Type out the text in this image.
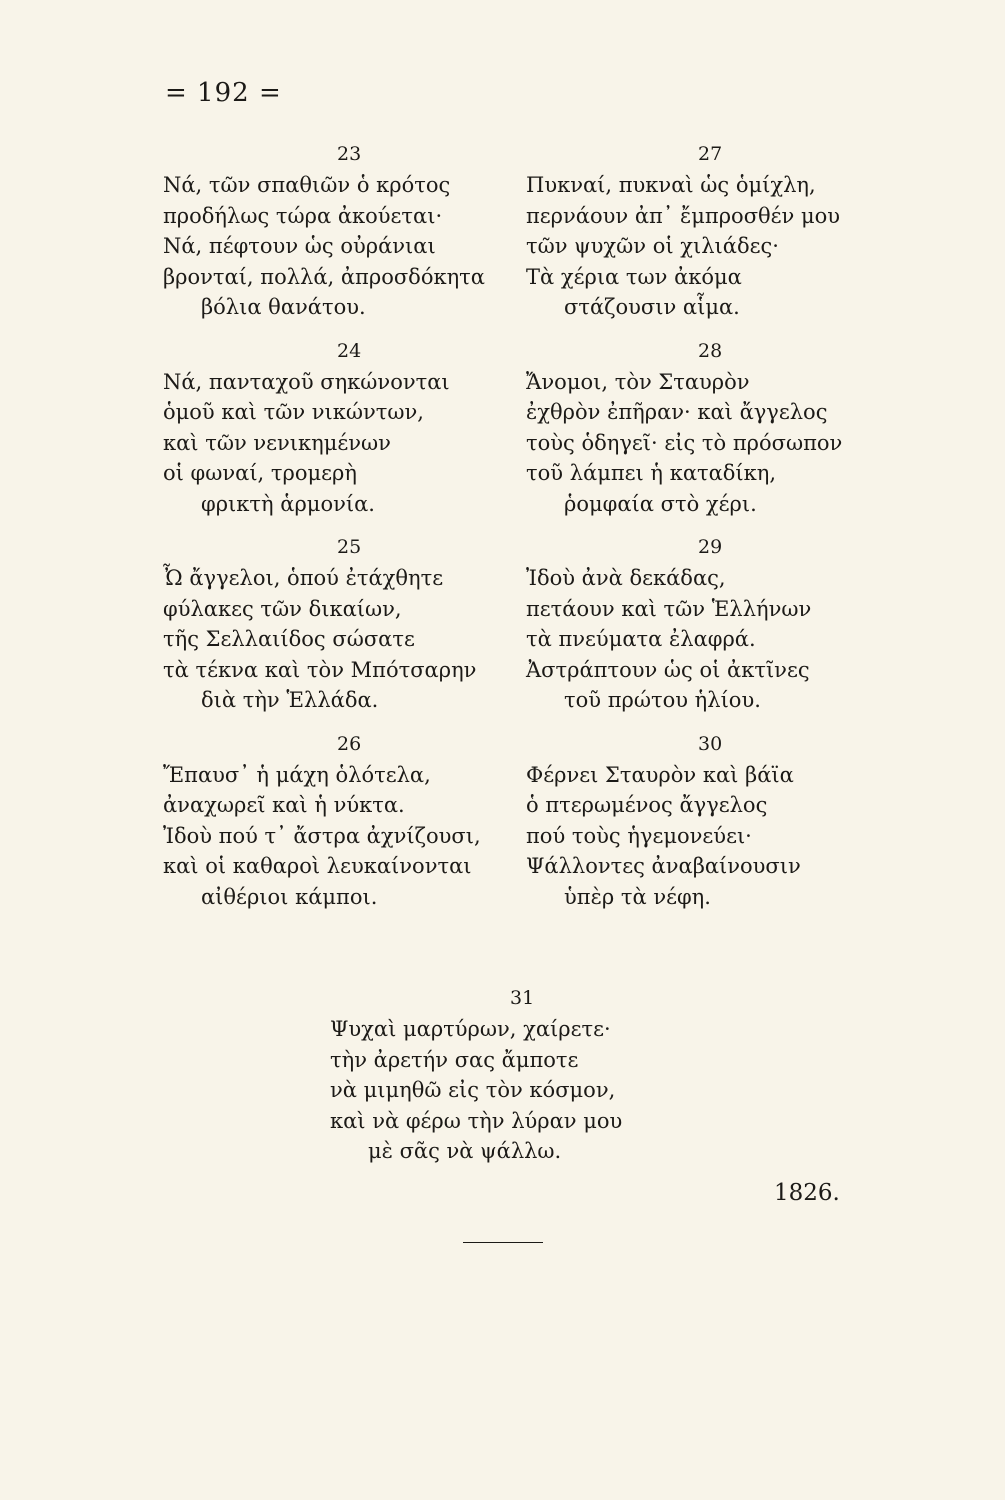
= 192 =
23
Νά, τῶν σπαθιῶν ὁ κρότος
προδήλως τώρα ἀκούεται·
Νά, πέφτουν ὡς οὐράνιαι
βρονταί, πολλά, ἀπροσδόκητα
βόλια θανάτου.
24
Νά, πανταχοῦ σηκώνονται
ὁμοῦ καὶ τῶν νικώντων,
καὶ τῶν νενικημένων
οἱ φωναί, τρομερὴ
φρικτὴ ἁρμονία.
25
Ὦ ἄγγελοι, ὁπού ἐτάχθητε
φύλακες τῶν δικαίων,
τῆς Σελλαιίδος σώσατε
τὰ τέκνα καὶ τὸν Μπότσαρην
διὰ τὴν Ἑλλάδα.
26
Ἔπαυσ᾽ ἡ μάχη ὁλότελα,
ἀναχωρεῖ καὶ ἡ νύκτα.
Ἰδοὺ πού τ᾽ ἄστρα ἀχνίζουσι,
καὶ οἱ καθαροὶ λευκαίνονται
αἰθέριοι κάμποι.
27
Πυκναί, πυκναὶ ὡς ὁμίχλη,
περνάουν ἀπ᾽ ἔμπροσθέν μου
τῶν ψυχῶν οἱ χιλιάδες·
Τὰ χέρια των ἀκόμα
στάζουσιν αἷμα.
28
Ἄνομοι, τὸν Σταυρὸν
ἐχθρὸν ἐπῆραν· καὶ ἄγγελος
τοὺς ὁδηγεῖ· εἰς τὸ πρόσωπον
τοῦ λάμπει ἡ καταδίκη,
ῥομφαία στὸ χέρι.
29
Ἰδοὺ ἀνὰ δεκάδας,
πετάουν καὶ τῶν Ἑλλήνων
τὰ πνεύματα ἐλαφρά.
Ἀστράπτουν ὡς οἱ ἀκτῖνες
τοῦ πρώτου ἡλίου.
30
Φέρνει Σταυρὸν καὶ βάϊα
ὁ πτερωμένος ἄγγελος
πού τοὺς ἡγεμονεύει·
Ψάλλοντες ἀναβαίνουσιν
ὑπὲρ τὰ νέφη.
31
Ψυχαὶ μαρτύρων, χαίρετε·
τὴν ἀρετήν σας ἄμποτε
νὰ μιμηθῶ εἰς τὸν κόσμον,
καὶ νὰ φέρω τὴν λύραν μου
μὲ σᾶς νὰ ψάλλω.
1826.
